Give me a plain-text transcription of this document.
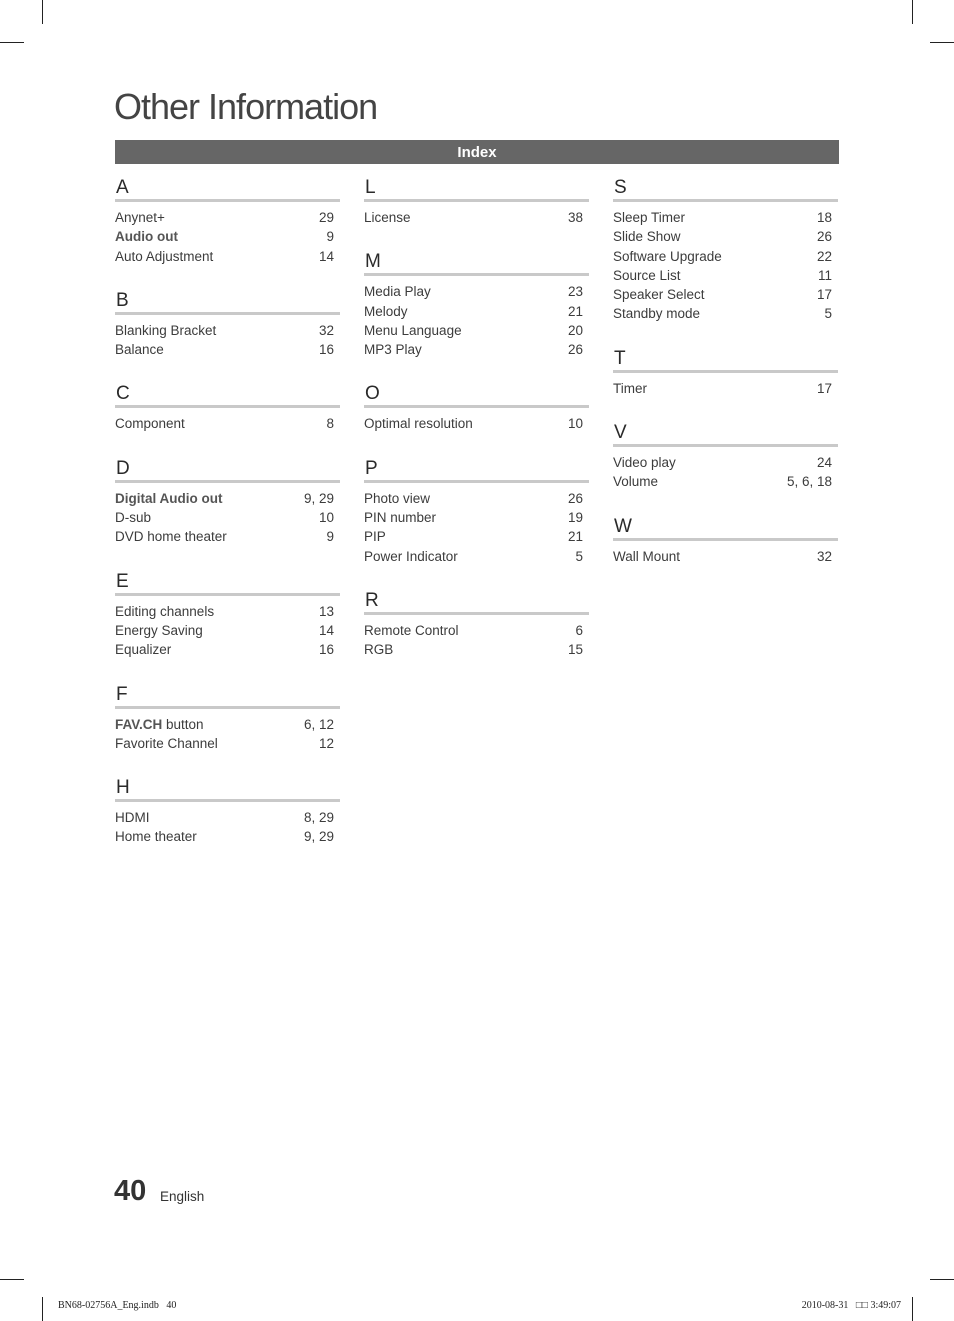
Other Information
Index
A
Anynet+	29
Audio out	9
Auto Adjustment	14
B
Blanking Bracket	32
Balance	16
C
Component	8
D
Digital Audio out	9, 29
D-sub	10
DVD home theater	9
E
Editing channels	13
Energy Saving	14
Equalizer	16
F
FAV.CH button	6, 12
Favorite Channel	12
H
HDMI	8, 29
Home theater	9, 29
L
License	38
M
Media Play	23
Melody	21
Menu Language	20
MP3 Play	26
O
Optimal resolution	10
P
Photo view	26
PIN number	19
PIP	21
Power Indicator	5
R
Remote Control	6
RGB	15
S
Sleep Timer	18
Slide Show	26
Software Upgrade	22
Source List	11
Speaker Select	17
Standby mode	5
T
Timer	17
V
Video play	24
Volume	5, 6, 18
W
Wall Mount	32
40 English
BN68-02756A_Eng.indb   40	2010-08-31   □□ 3:49:07
